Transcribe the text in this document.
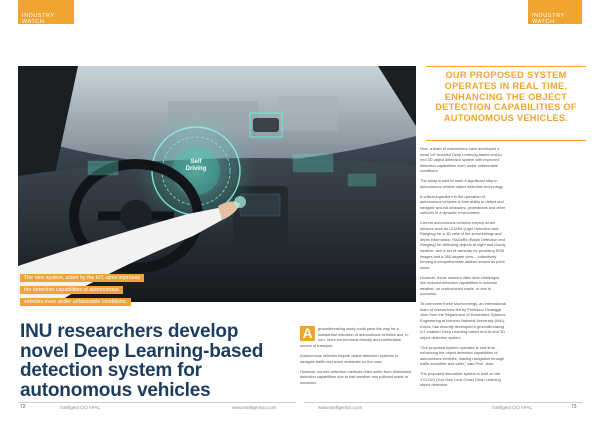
INDUSTRY WATCH
INDUSTRY WATCH
Self
Driving
The new system, aided by the IoT, aims improves
the detection capabilities of autonomous
vehicles even under unfavorable conditions.
OUR PROPOSED SYSTEM OPERATES IN REAL TIME, ENHANCING THE OBJECT DETECTION CAPABILITIES OF AUTONOMOUS VEHICLES.

Now, a team of researchers have developed a novel IoT-enabled Deep Learning-based end-to-end 3D object detection system with improved detection capabilities even under unfavorable conditions.

The study is said to mark a significant step in autonomous vehicle object detection technology.

A critical ingredient in the operation of autonomous vehicles is their ability to detect and navigate around obstacles, pedestrians and other vehicles in a dynamic environment.

Current autonomous vehicles employ smart sensors such as LiDARs (Light Detection and Ranging) for a 3D view of the surroundings and depth information, RADaRs (Radio Detection and Ranging) for detecting objects at night and cloudy weather, and a set of cameras for providing RGB images and a 360-degree view – collectively forming a comprehensive dataset known as point cloud.

However, these sensors often face challenges like reduced detection capabilities in adverse weather, on unstructured roads, or due to occlusion.

To overcome these shortcomings, an international team of researchers led by Professor Gwanggil Jeon from the Department of Embedded Systems Engineering at Incheon National University (INU), Korea, has recently developed a groundbreaking IoT-enabled Deep Learning-based end-to-end 3D object detection system.

“Our proposed system operates in real time, enhancing the object detection capabilities of autonomous vehicles, making navigation through traffic smoother and safer,” said Prof. Jeon.

The proposed innovative system is built on the YOLOv3 (You Only Look Once) Deep Learning object detection

INU researchers develop novel Deep Learning-based detection system for autonomous vehicles

A	groundbreaking study could pave the way for a substantial reduction of autonomous vehicles and, in turn, more environment-friendly and comfortable means of transport.

Autonomous vehicles require object detection systems to navigate traffic and avoid obstacles on the road.

However, current detection methods often suffer from diminished detection capabilities due to bad weather and polluted roads or occlusion.

72	Intelligent CIO APAC	www.intelligentcio.com	www.intelligentcio.com	Intelligent CIO APAC	73
